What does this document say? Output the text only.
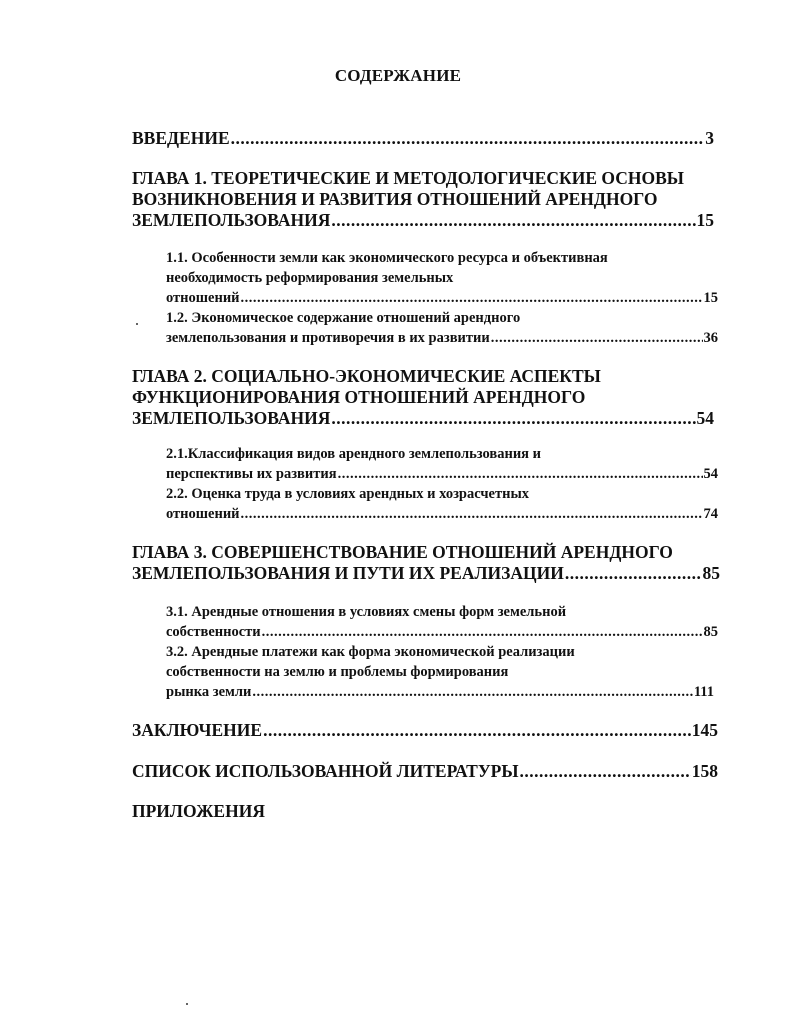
СОДЕРЖАНИЕ
ВВЕДЕНИЕ .....	3
ГЛАВА 1. ТЕОРЕТИЧЕСКИЕ И МЕТОДОЛОГИЧЕСКИЕ ОСНОВЫ
ВОЗНИКНОВЕНИЯ И РАЗВИТИЯ ОТНОШЕНИЙ АРЕНДНОГО
ЗЕМЛЕПОЛЬЗОВАНИЯ .....	15
1.1. Особенности земли как экономического ресурса и объективная
необходимость реформирования земельных
отношений .....	15
1.2. Экономическое содержание отношений арендного
землепользования и противоречия в их развитии .....	36
ГЛАВА 2. СОЦИАЛЬНО-ЭКОНОМИЧЕСКИЕ АСПЕКТЫ
ФУНКЦИОНИРОВАНИЯ ОТНОШЕНИЙ АРЕНДНОГО
ЗЕМЛЕПОЛЬЗОВАНИЯ .....	54
2.1.Классификация видов арендного землепользования и
перспективы их развития .....	54
2.2. Оценка труда в условиях арендных и хозрасчетных
отношений .....	74
ГЛАВА 3. СОВЕРШЕНСТВОВАНИЕ ОТНОШЕНИЙ АРЕНДНОГО
ЗЕМЛЕПОЛЬЗОВАНИЯ И ПУТИ ИХ РЕАЛИЗАЦИИ .....	85
3.1. Арендные отношения в условиях смены форм земельной
собственности .....	85
3.2. Арендные платежи как форма экономической реализации
собственности на землю и проблемы формирования
рынка земли .....	111
ЗАКЛЮЧЕНИЕ .....	145
СПИСОК ИСПОЛЬЗОВАННОЙ ЛИТЕРАТУРЫ .....	158
ПРИЛОЖЕНИЯ
